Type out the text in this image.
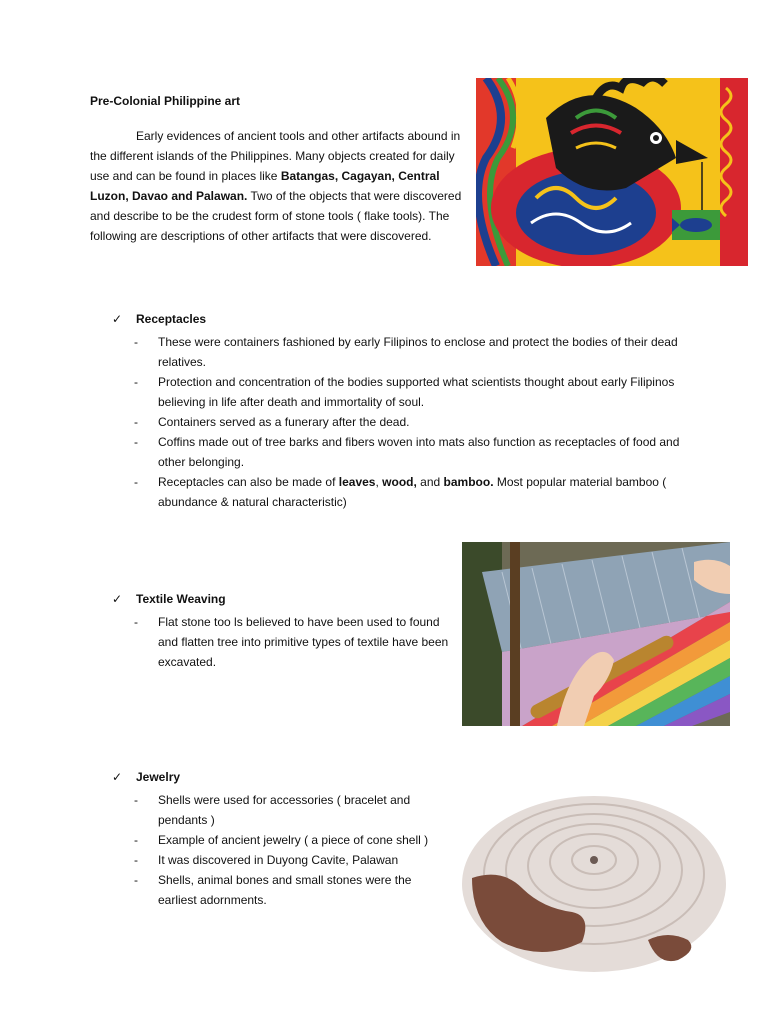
Pre-Colonial Philippine art
Early evidences of ancient tools and other artifacts abound in the different islands of the Philippines. Many objects created for daily use and can be found in places like Batangas, Cagayan, Central Luzon, Davao and Palawan. Two of the objects that were discovered and describe to be the crudest form of stone tools ( flake tools). The following are descriptions of other artifacts that were discovered.
✓ Receptacles
- These were containers fashioned by early Filipinos to enclose and protect the bodies of their dead relatives.
- Protection and concentration of the bodies supported what scientists thought about early Filipinos believing in life after death and immortality of soul.
- Containers served as a funerary after the dead.
- Coffins made out of tree barks and fibers woven into mats also function as receptacles of food and other belonging.
- Receptacles can also be made of leaves, wood, and bamboo. Most popular material bamboo ( abundance & natural characteristic)
✓ Textile Weaving
- Flat stone too ls believed to have been used to found and flatten tree into primitive types of textile have been excavated.
✓ Jewelry
- Shells were used for accessories ( bracelet and pendants )
- Example of ancient jewelry ( a piece of cone shell )
- It was discovered in Duyong Cavite, Palawan
- Shells, animal bones and small stones were the earliest adornments.
